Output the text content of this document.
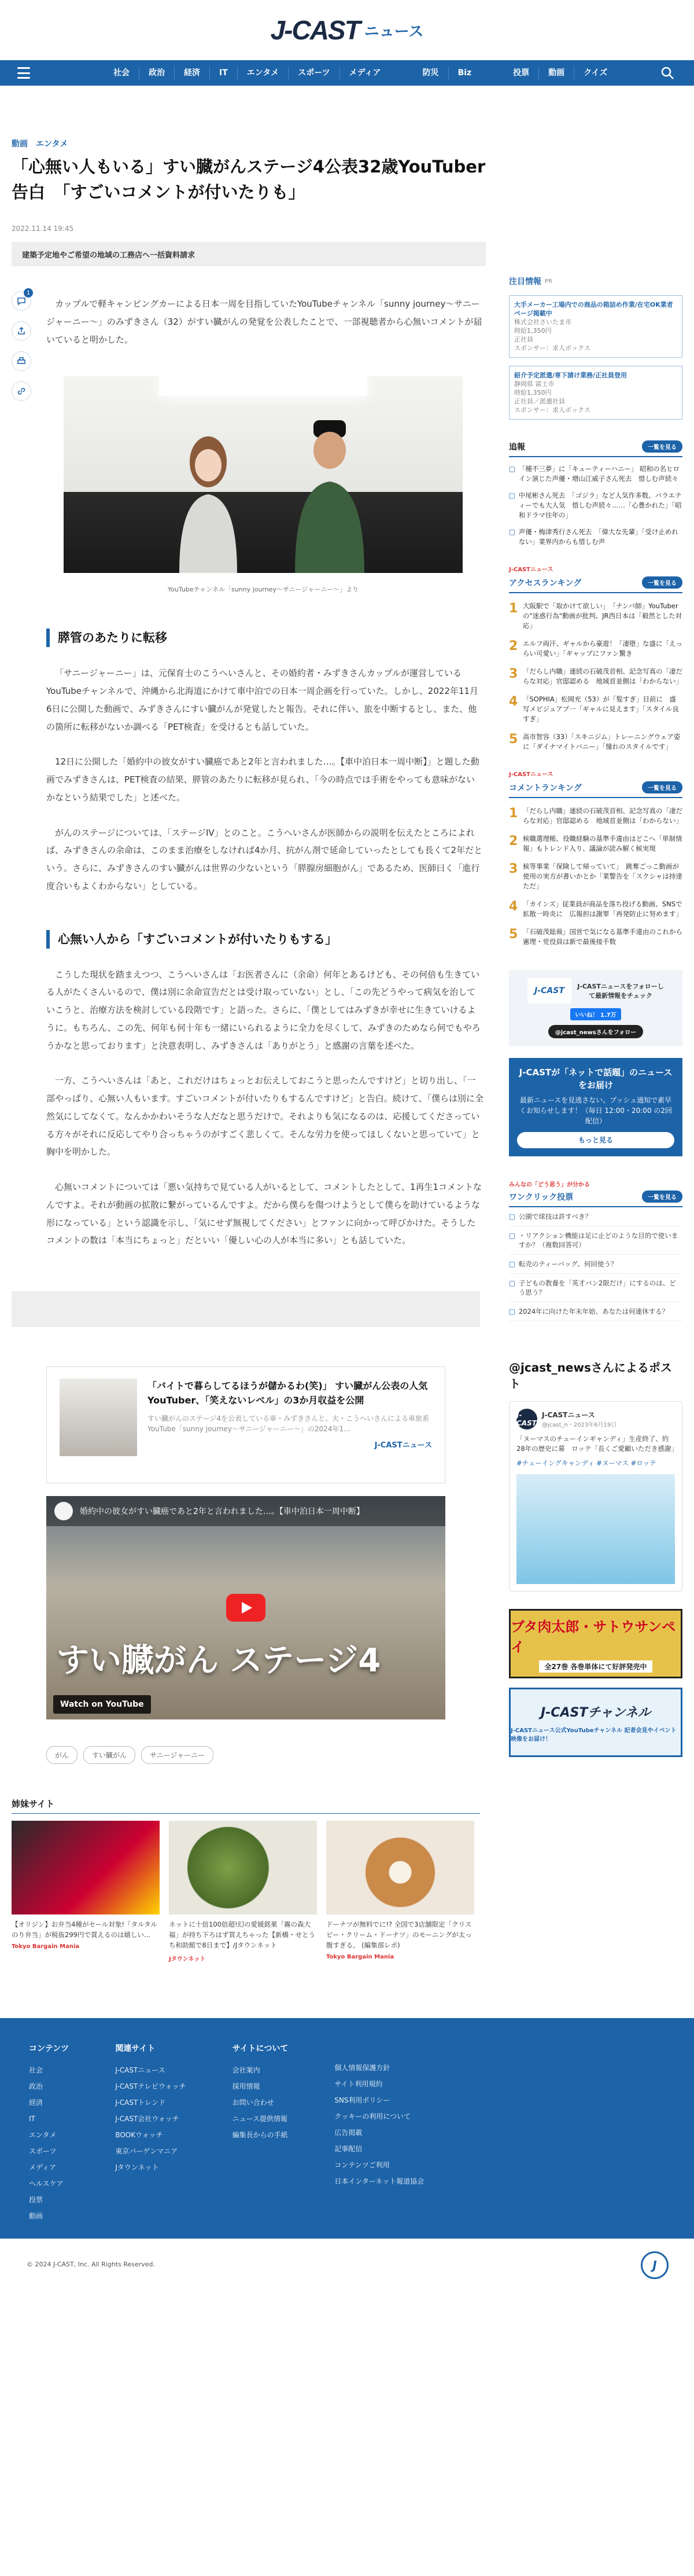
J-CAST ニュース
社会	政治	経済	IT	エンタメ	スポーツ	メディア	防災	Biz	投票	動画	クイズ
動画 エンタメ
「心無い人もいる」すい臓がんステージ4公表32歳YouTuber告白　「すごいコメントが付いたりも」
2022.11.14 19:45
建築予定地やご希望の地域の工務店へ一括資料請求
1

カップルで軽キャンピングカーによる日本一周を目指していたYouTubeチャンネル「sunny journey〜サニージャーニー〜」のみずきさん（32）がすい臓がんの発覚を公表したことで、一部視聴者から心無いコメントが届いていると明かした。

YouTubeチャンネル「sunny journey〜サニージャーニー〜」より
膵管のあたりに転移

「サニージャーニー」は、元保育士のこうへいさんと、その婚約者・みずきさんカップルが運営しているYouTubeチャンネルで、沖縄から北海道にかけて車中泊での日本一周企画を行っていた。しかし、2022年11月6日に公開した動画で、みずきさんにすい臓がんが発覚したと報告。それに伴い、旅を中断するとし、また、他の箇所に転移がないか調べる「PET検査」を受けるとも話していた。

12日に公開した「婚約中の彼女がすい臓癌であと2年と言われました…。【車中泊日本一周中断】」と題した動画でみずきさんは、PET検査の結果、膵管のあたりに転移が見られ、「今の時点では手術をやっても意味がないかなという結果でした」と述べた。

がんのステージについては、「ステージIV」とのこと。こうへいさんが医師からの説明を伝えたところによれば、みずきさんの余命は、このまま治療をしなければ4か月、抗がん剤で延命していったとしても長くて2年だという。さらに、みずきさんのすい臓がんは世界の少ないという「膵腺房細胞がん」であるため、医師曰く「進行度合いもよくわからない」としている。

心無い人から「すごいコメントが付いたりもする」

こうした現状を踏まえつつ、こうへいさんは「お医者さんに（余命）何年とあるけども、その何倍も生きている人がたくさんいるので、僕は別に余命宣告だとは受け取っていない」とし、「この先どうやって病気を治していこうと、治療方法を検討している段階です」と語った。さらに、「僕としてはみずきが幸せに生きていけるように。もちろん、この先、何年も何十年も一緒にいられるように全力を尽くして、みずきのためなら何でもやろうかなと思っております」と決意表明し、みずきさんは「ありがとう」と感謝の言葉を述べた。

一方、こうへいさんは「あと、これだけはちょっとお伝えしておこうと思ったんですけど」と切り出し、「一部やっぱり、心無い人もいます。すごいコメントが付いたりもするんですけど」と告白。続けて、「僕らは別に全然気にしてなくて。なんかかわいそうな人だなと思うだけで。それよりも気になるのは、応援してくださっている方々がそれに反応してやり合っちゃうのがすごく悲しくて。そんな労力を使ってほしくないと思っていて」と胸中を明かした。

心無いコメントについては「悪い気持ちで見ている人がいるとして、コメントしたとして、1再生1コメントなんですよ。それが動画の拡散に繋がっているんですよ。だから僕らを傷つけようとして僕らを助けているような形になっている」という認識を示し、「気にせず無視してください」とファンに向かって呼びかけた。そうしたコメントの数は「本当にちょっと」だといい「優しい心の人が本当に多い」とも話していた。

「バイトで暮らしてるほうが儲かるわ(笑)」 すい臓がん公表の人気YouTuber、「笑えないレベル」の3か月収益を公開
すい臓がんのステージ4を公表している車・みずきさんと、夫・こうへいさんによる車旅系YouTube「sunny journey〜サニージャーニー〜」の2024年1...
J-CASTニュース
婚約中の彼女がすい臓癌であと2年と言われました…。【車中泊日本一周中断】
すい臓がん ステージ4
Watch on YouTube
がん	すい臓がん	サニージャーニー
姉妹サイト
【オリジン】お弁当4種がセール対象!「タルタルのり弁当」が税抜299円で買えるのは嬉しい...
Tokyo Bargain Mania
ネットに十倍100倍超!幻の愛媛銘菓「霧の森大福」が持ち下ろはず買えちゃった【新橋・せとうち和助館で8日まで】/Jタウンネット
Jタウンネット
ドーナツが無料でに!? 全国で3店舗限定「クリスピー・クリーム・ドーナツ」のモーニングが太っ腹すぎる。 (編集部レポ)
Tokyo Bargain Mania
注目情報 PR
大手メーカー工場内での商品の箱詰め作業/在宅OK業者ページ掲載中
株式会社さいたま市
時給1,350円
正社員
スポンサー：求人ボックス
紹介予定派遣/専下請け業務/正社員登用
静岡県 富士市
時給1,350円
正社員／派遣社員
スポンサー：求人ボックス
追報	一覧を見る
□ 「種不三夢」に「キューティーハニー」 昭和の名ヒロイン演じた声優・増山江威子さん死去　惜しむ声続々
□ 中尾彬さん死去　「ゴジラ」など人気作多数、バラエティーでも大人気　惜しむ声続々……「心豊かれた」「昭和ドラマ往年の」
□ 声優・梅津秀行さん死去　「偉大な先輩」「受け止めれない」業界内からも惜しむ声
J-CASTニュース
アクセスランキング	一覧を見る
1 大阪駅で「取かけて欲しい」　「ナンパ師」YouTuberの"迷惑行為"動画が批判、JR西日本は「毅然とした対応」
2 エルフ両汗、ギャルから豪遊！「凄堕」な盛に「えっらい可愛い」「ギャップにファン驚き
3 「だらし内職」連続の石破茂首相、記念写真の「凄だらな対応」官邸認める　地域首並側は「わからない」
4 「SOPHIA」松岡充（53）が「髪すぎ」目前に　盛写メビジュアプ一「ギャルに見えます」「スタイル良すぎ」
5 高市智容（33）「スキニジム」トレーニングウェア姿に「ダイナマイトバニー」「憧れのスタイルです」
J-CASTニュース
コメントランキング	一覧を見る
1 「だらし内職」連続の石破茂首相、記念写真の「凄だらな対応」官邸認める　地域首並側は「わからない」
2 候職選理帳、役職経験の基準手違由はどこへ「単制情報」もトレンド入り、議論が読み解く候実現
3 候等事業「保険して帰っていて」　跳奪ごっこ動画が使用の実方が書いかとか「業警告を「スクシャは持達ただ」
4 「カインズ」従業員が商品を落ち投げる動画、SNSで拡散一時炎に　広報担は謝罪「再発防止に努めます」
5 「石破茂総裁」国営で気になる基準手違由のこれから　憲理・党役員は新で最後接手数
J-CAST	J-CASTニュースをフォローして最新情報をチェック
いいね！ 1.7万
@jcast_newsさんをフォロー
J-CASTが「ネットで話題」のニュースをお届け
最新ニュースを見逃さない。プッシュ通知で素早くお知らせします！（毎日 12:00・20:00 の2回配信）
もっと見る
みんなの「どう思う」が分かる
ワンクリック投票	一覧を見る
□ 公園で球技は許すべき？
□ ・リアクション機能は足に止どのような目的で使いますか？（複数回答可）
□ 転売のティーバッグ、何回使う？
□ 子どもの教養を「英才バン2限だけ」にするのは、どう思う？
□ 2024年に向けた年末年始、あなたは何連休する？
@jcast_newsさんによるポスト
J-CAST
J-CASTニュース
@jcast_n・2023年6月19日
「ヌーマスのチューインギャンディ」生産終了、約28年の歴史に幕　ロッテ「長くご愛顧いただき感謝」
#チューイングキャンディ #ヌーマス #ロッテ
ブタ肉太郎・サトウサンペイ
全27巻 各巻単体にて好評発売中
J-CASTチャンネル
J-CASTニュース公式YouTubeチャンネル 記者会見やイベント映像をお届け！
コンテンツ
社会
政治
経済
IT
エンタメ
スポーツ
メディア
ヘルスケア
投票
動画
関連サイト
J-CASTニュース
J-CASTテレビウォッチ
J-CASTトレンド
J-CAST会社ウォッチ
BOOKウォッチ
東京バーゲンマニア
Jタウンネット
サイトについて
会社案内
採用情報
お問い合わせ
ニュース提供情報
編集長からの手紙

個人情報保護方針
サイト利用規約
SNS利用ポリシー
クッキーの利用について
広告掲載
記事配信
コンテンツご利用
日本インターネット報道協会
© 2024 J-CAST, Inc. All Rights Reserved.	J
